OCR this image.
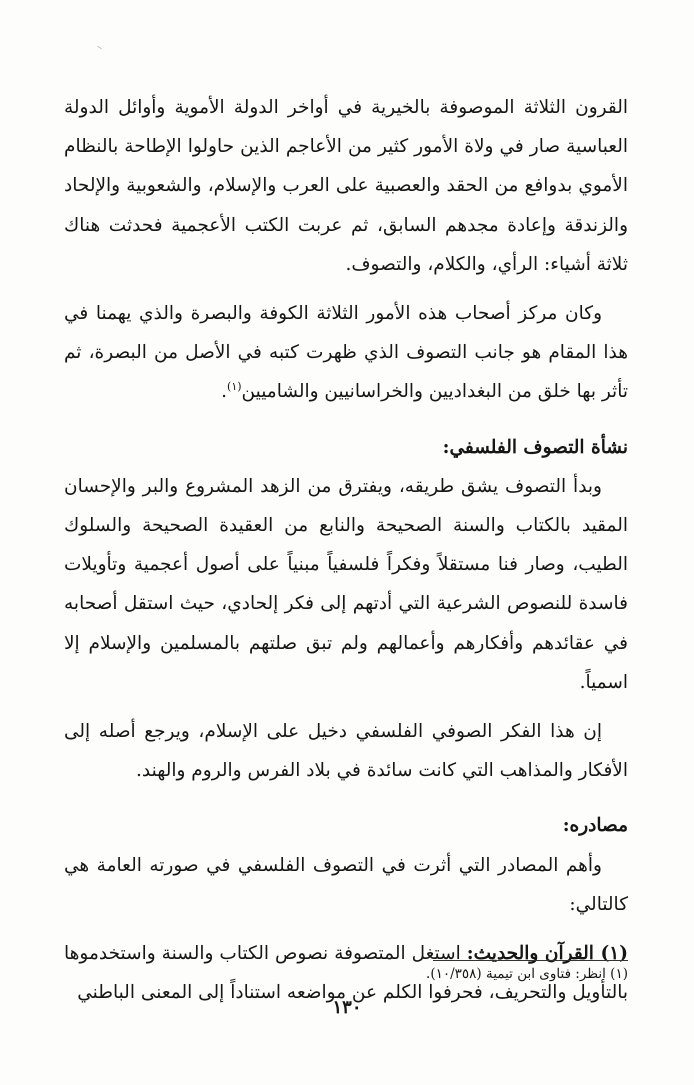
القرون الثلاثة الموصوفة بالخيرية في أواخر الدولة الأموية وأوائل الدولة العباسية صار في ولاة الأمور كثير من الأعاجم الذين حاولوا الإطاحة بالنظام الأموي بدوافع من الحقد والعصبية على العرب والإسلام، والشعوبية والإلحاد والزندقة وإعادة مجدهم السابق، ثم عربت الكتب الأعجمية فحدثت هناك ثلاثة أشياء: الرأي، والكلام، والتصوف.

وكان مركز أصحاب هذه الأمور الثلاثة الكوفة والبصرة والذي يهمنا في هذا المقام هو جانب التصوف الذي ظهرت كتبه في الأصل من البصرة، ثم تأثر بها خلق من البغداديين والخراسانيين والشاميين$^{(١)}$.

نشأة التصوف الفلسفي:

وبدأ التصوف يشق طريقه، ويفترق من الزهد المشروع والبر والإحسان المقيد بالكتاب والسنة الصحيحة والنابع من العقيدة الصحيحة والسلوك الطيب، وصار فنا مستقلاً وفكراً فلسفياً مبنياً على أصول أعجمية وتأويلات فاسدة للنصوص الشرعية التي أدتهم إلى فكر إلحادي، حيث استقل أصحابه في عقائدهم وأفكارهم وأعمالهم ولم تبق صلتهم بالمسلمين والإسلام إلا اسمياً.

إن هذا الفكر الصوفي الفلسفي دخيل على الإسلام، ويرجع أصله إلى الأفكار والمذاهب التي كانت سائدة في بلاد الفرس والروم والهند.

مصادره:

وأهم المصادر التي أثرت في التصوف الفلسفي في صورته العامة هي كالتالي:

(١) القرآن والحديث: استغل المتصوفة نصوص الكتاب والسنة واستخدموها بالتأويل والتحريف، فحرفوا الكلم عن مواضعه استناداً إلى المعنى الباطني

(١) انظر: فتاوى ابن تيمية (١٠/٣٥٨).
١٣٠
